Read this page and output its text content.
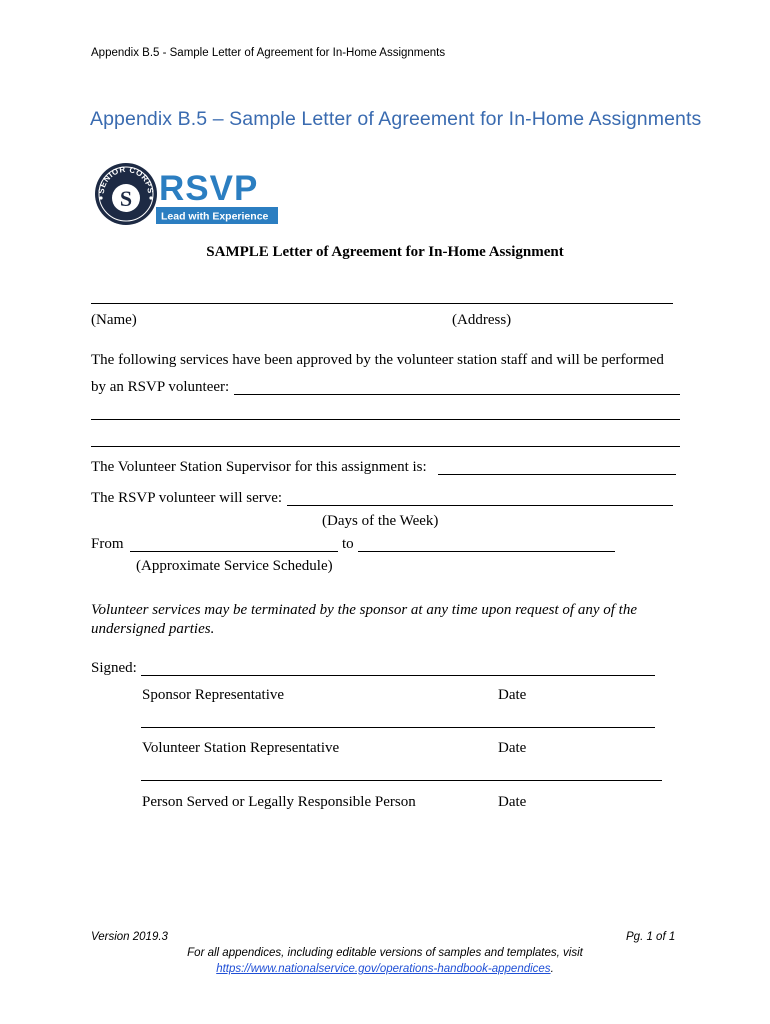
Appendix B.5 - Sample Letter of Agreement for In-Home Assignments
Appendix B.5 – Sample Letter of Agreement for In-Home Assignments
SENIOR CORPS
S
Lead with Experience
RSVP
SAMPLE Letter of Agreement for In-Home Assignment
(Name)	(Address)
The following services have been approved by the volunteer station staff and will be performed
by an RSVP volunteer:
The Volunteer Station Supervisor for this assignment is:
The RSVP volunteer will serve:
(Days of the Week)
From	to
(Approximate Service Schedule)
Volunteer services may be terminated by the sponsor at any time upon request of any of the
undersigned parties.
Signed:
Sponsor Representative	Date
Volunteer Station Representative	Date
Person Served or Legally Responsible Person	Date
Version 2019.3	Pg. 1 of 1
For all appendices, including editable versions of samples and templates, visit
https://www.nationalservice.gov/operations-handbook-appendices.
